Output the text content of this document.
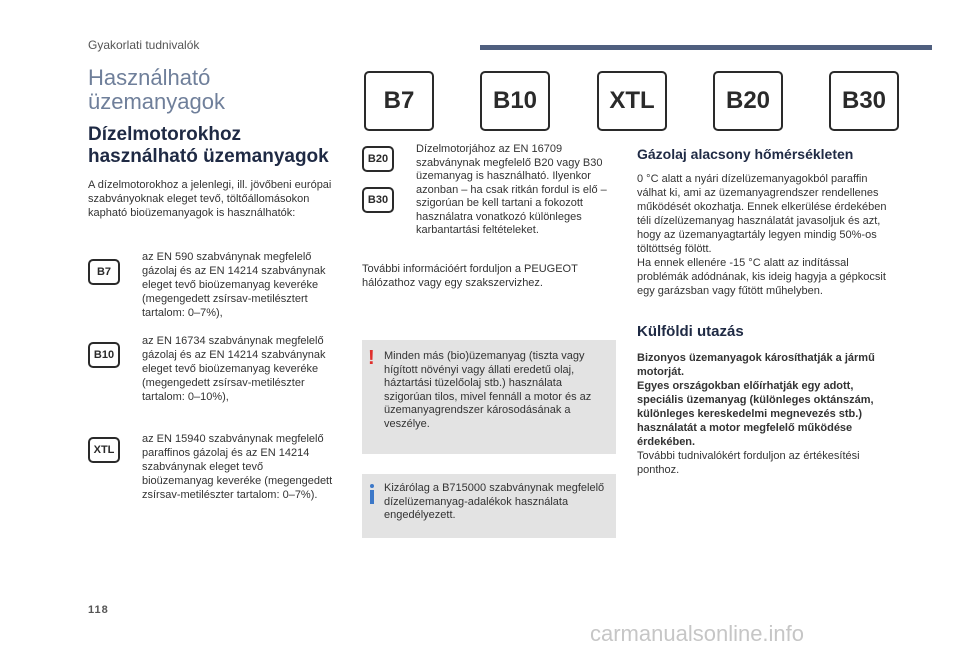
Gyakorlati tudnivalók
Használható üzemanyagok
Dízelmotorokhoz használható üzemanyagok
A dízelmotorokhoz a jelenlegi, ill. jövőbeni európai szabványoknak eleget tevő, töltőállomásokon kapható bioüzemanyagok is használhatók:
B7	B10	XTL	B20	B30
B7
az EN 590 szabványnak megfelelő gázolaj és az EN 14214 szabványnak eleget tevő bioüzemanyag keveréke (megengedett zsírsav-metilésztert tartalom: 0–7%),
B10
az EN 16734 szabványnak megfelelő gázolaj és az EN 14214 szabványnak eleget tevő bioüzemanyag keveréke (megengedett zsírsav-metilészter tartalom: 0–10%),
XTL
az EN 15940 szabványnak megfelelő paraffinos gázolaj és az EN 14214 szabványnak eleget tevő bioüzemanyag keveréke (megengedett zsírsav-metilészter tartalom: 0–7%).
B20
B30
Dízelmotorjához az EN 16709 szabványnak megfelelő B20 vagy B30 üzemanyag is használható. Ilyenkor azonban – ha csak ritkán fordul is elő – szigorúan be kell tartani a fokozott használatra vonatkozó különleges karbantartási feltételeket.
További információért forduljon a PEUGEOT hálózathoz vagy egy szakszervizhez.
! Minden más (bio)üzemanyag (tiszta vagy hígított növényi vagy állati eredetű olaj, háztartási tüzelőolaj stb.) használata szigorúan tilos, mivel fennáll a motor és az üzemanyagrendszer károsodásának a veszélye.
Kizárólag a B715000 szabványnak megfelelő dízelüzemanyag-adalékok használata engedélyezett.
Gázolaj alacsony hőmérsékleten
0 °C alatt a nyári dízelüzemanyagokból paraffin válhat ki, ami az üzemanyagrendszer rendellenes működését okozhatja. Ennek elkerülése érdekében téli dízelüzemanyag használatát javasoljuk és azt, hogy az üzemanyagtartály legyen mindig 50%-os töltöttség fölött.
Ha ennek ellenére -15 °C alatt az indítással problémák adódnának, kis ideig hagyja a gépkocsit egy garázsban vagy fűtött műhelyben.
Külföldi utazás
Bizonyos üzemanyagok károsíthatják a jármű motorját.
Egyes országokban előírhatják egy adott, speciális üzemanyag (különleges oktánszám, különleges kereskedelmi megnevezés stb.) használatát a motor megfelelő működése érdekében.
További tudnivalókért forduljon az értékesítési ponthoz.
118
carmanualsonline.info
